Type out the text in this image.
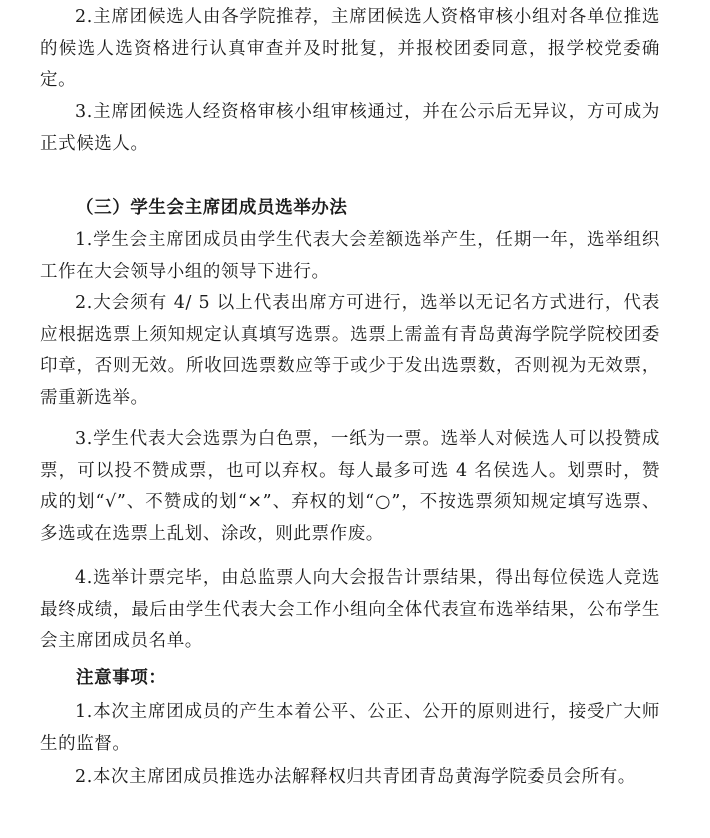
2.主席团候选人由各学院推荐，主席团候选人资格审核小组对各单位推选的候选人选资格进行认真审查并及时批复，并报校团委同意，报学校党委确定。

3.主席团候选人经资格审核小组审核通过，并在公示后无异议，方可成为正式候选人。

（三）学生会主席团成员选举办法

1.学生会主席团成员由学生代表大会差额选举产生，任期一年，选举组织工作在大会领导小组的领导下进行。

2.大会须有 4/ 5 以上代表出席方可进行，选举以无记名方式进行，代表应根据选票上须知规定认真填写选票。选票上需盖有青岛黄海学院学院校团委印章，否则无效。所收回选票数应等于或少于发出选票数，否则视为无效票，需重新选举。

3.学生代表大会选票为白色票，一纸为一票。选举人对候选人可以投赞成票，可以投不赞成票，也可以弃权。每人最多可选 4 名侯选人。划票时，赞成的划“√”、不赞成的划“×”、弃权的划“○”，不按选票须知规定填写选票、多选或在选票上乱划、涂改，则此票作废。

4.选举计票完毕，由总监票人向大会报告计票结果，得出每位侯选人竞选最终成绩，最后由学生代表大会工作小组向全体代表宣布选举结果，公布学生会主席团成员名单。

注意事项：

1.本次主席团成员的产生本着公平、公正、公开的原则进行，接受广大师生的监督。

2.本次主席团成员推选办法解释权归共青团青岛黄海学院委员会所有。
